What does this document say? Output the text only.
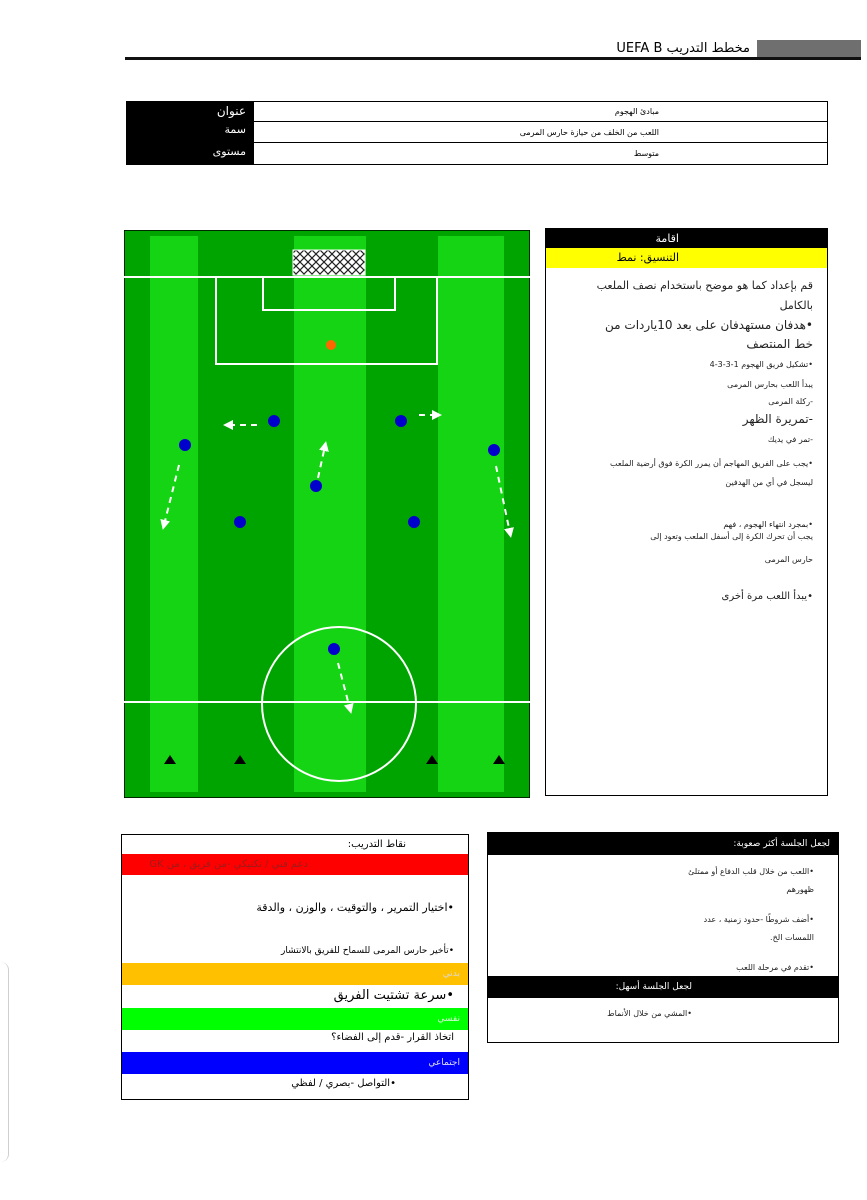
مخطط التدريب UEFA B
عنوان
سمة
مستوى
مبادئ الهجوم
اللعب من الخلف من حيازة حارس المرمى
متوسط
اقامة
التنسيق: نمط
قم بإعداد كما هو موضح باستخدام نصف الملعب
بالكامل
•هدفان مستهدفان على بعد 10ياردات من
خط المنتصف
•تشكيل فريق الهجوم 1-3-3-4
يبدأ اللعب بحارس المرمى
-ركلة المرمى
-تمريرة الظهر
-تمر في يديك
•يجب على الفريق المهاجم أن يمرر الكرة فوق أرضية الملعب
ليسجل في أي من الهدفين
•بمجرد انتهاء الهجوم ، فهم
يجب أن تحرك الكرة إلى أسفل الملعب وتعود إلى
حارس المرمى
•يبدأ اللعب مرة أخرى
نقاط التدريب:
دعم فني / تكتيكي -من فريق ، من GK
•اختيار التمرير ، والتوقيت ، والوزن ، والدقة
•تأخير حارس المرمى للسماح للفريق بالانتشار
بدني
•سرعة تشتيت الفريق
نفسي
اتخاذ القرار -قدم إلى الفضاء؟
اجتماعي
•التواصل -بصري / لفظي
لجعل الجلسة أكثر صعوبة:
•اللعب من خلال قلب الدفاع أو ممتلئ
ظهورهم
•أضف شروطًا -حدود زمنية ، عدد
اللمسات الخ.
•تقدم في مرحلة اللعب
لجعل الجلسة أسهل:
•المشي من خلال الأنماط
